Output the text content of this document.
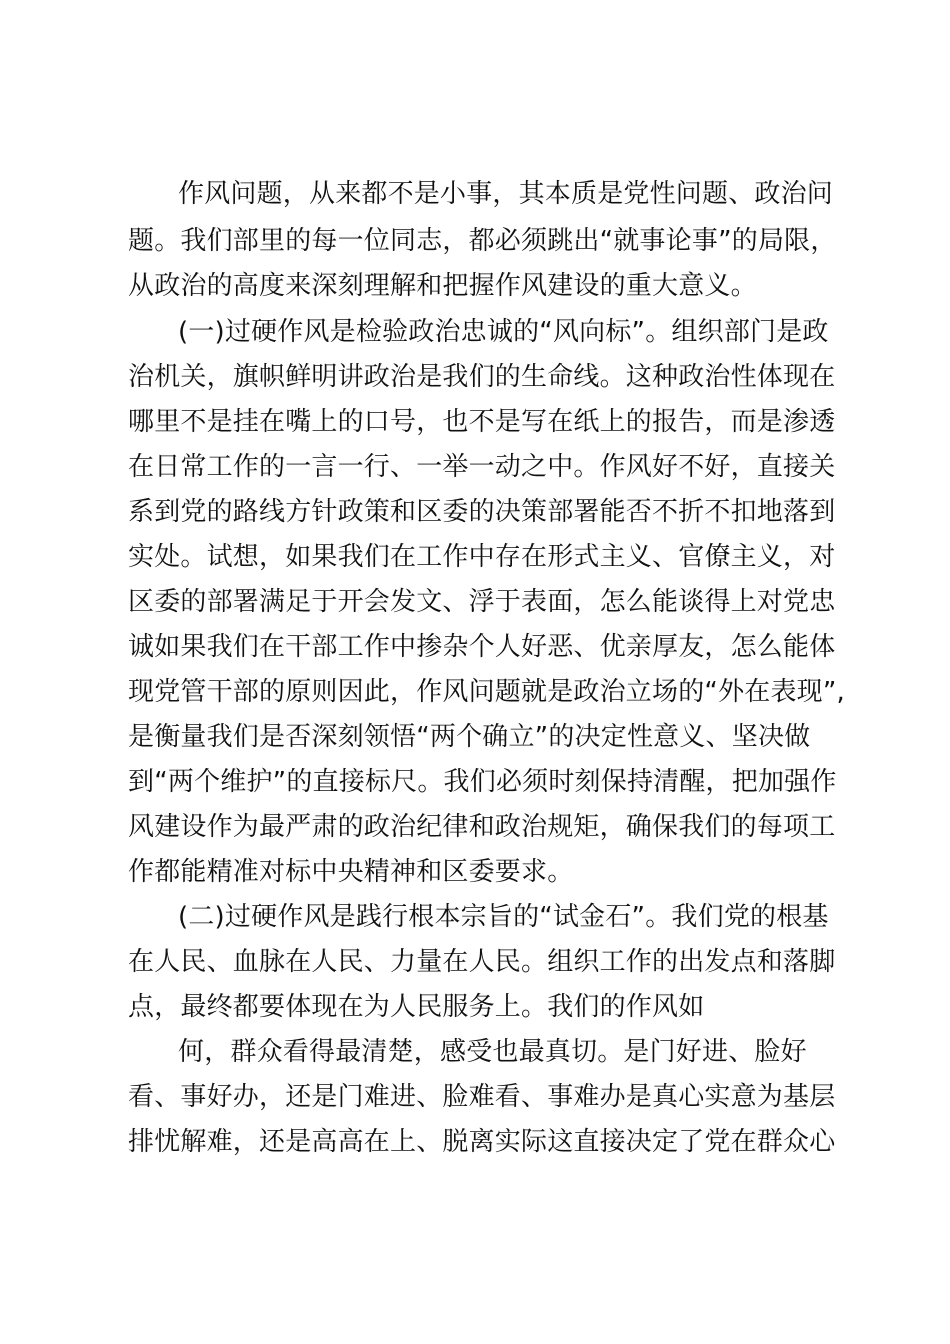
作风问题，从来都不是小事，其本质是党性问题、政治问
题。我们部里的每一位同志，都必须跳出“就事论事”的局限，
从政治的高度来深刻理解和把握作风建设的重大意义。
(一)过硬作风是检验政治忠诚的“风向标”。组织部门是政
治机关，旗帜鲜明讲政治是我们的生命线。这种政治性体现在
哪里不是挂在嘴上的口号，也不是写在纸上的报告，而是渗透
在日常工作的一言一行、一举一动之中。作风好不好，直接关
系到党的路线方针政策和区委的决策部署能否不折不扣地落到
实处。试想，如果我们在工作中存在形式主义、官僚主义，对
区委的部署满足于开会发文、浮于表面，怎么能谈得上对党忠
诚如果我们在干部工作中掺杂个人好恶、优亲厚友，怎么能体
现党管干部的原则因此，作风问题就是政治立场的“外在表现”,
是衡量我们是否深刻领悟“两个确立”的决定性意义、坚决做
到“两个维护”的直接标尺。我们必须时刻保持清醒，把加强作
风建设作为最严肃的政治纪律和政治规矩，确保我们的每项工
作都能精准对标中央精神和区委要求。
(二)过硬作风是践行根本宗旨的“试金石”。我们党的根基
在人民、血脉在人民、力量在人民。组织工作的出发点和落脚
点，最终都要体现在为人民服务上。我们的作风如
何，群众看得最清楚，感受也最真切。是门好进、脸好
看、事好办，还是门难进、脸难看、事难办是真心实意为基层
排忧解难，还是高高在上、脱离实际这直接决定了党在群众心
